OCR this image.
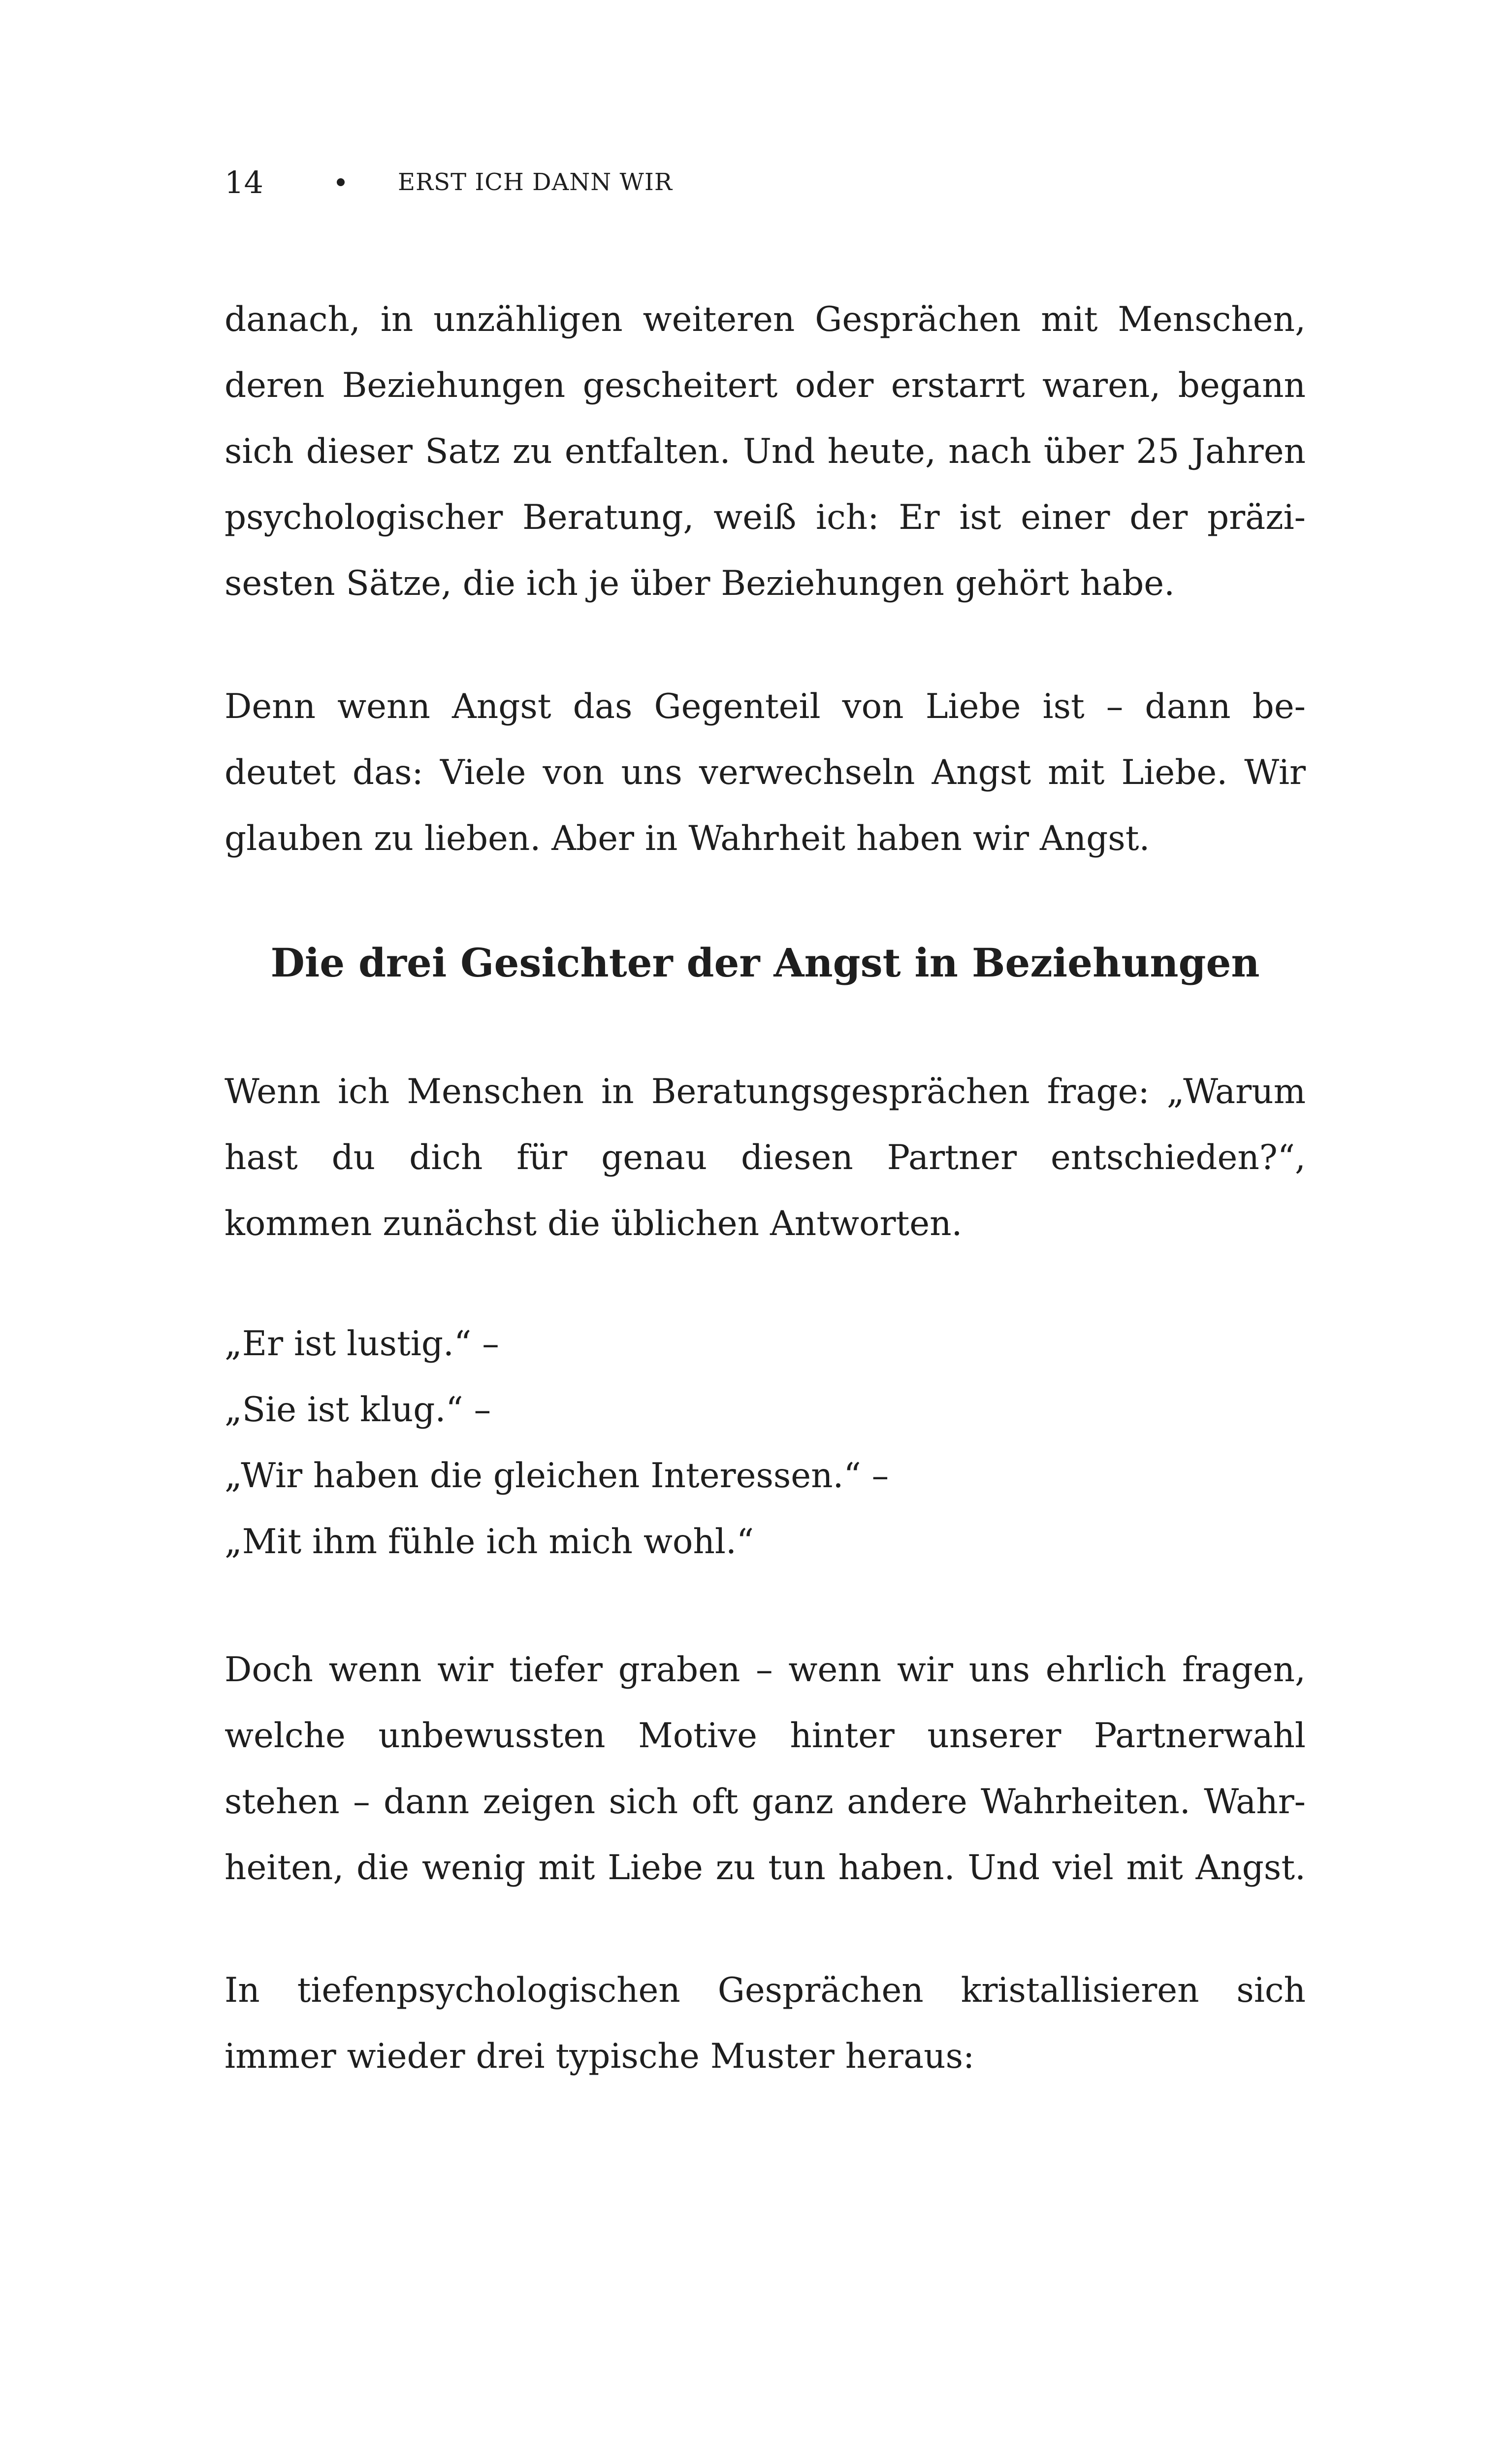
14	ERST ICH DANN WIR
danach, in unzähligen weiteren Gesprächen mit Menschen,
deren Beziehungen gescheitert oder erstarrt waren, begann
sich dieser Satz zu entfalten. Und heute, nach über 25 Jahren
psychologischer Beratung, weiß ich: Er ist einer der präzi-
sesten Sätze, die ich je über Beziehungen gehört habe.
Denn wenn Angst das Gegenteil von Liebe ist – dann be-
deutet das: Viele von uns verwechseln Angst mit Liebe. Wir
glauben zu lieben. Aber in Wahrheit haben wir Angst.
Die drei Gesichter der Angst in Beziehungen
Wenn ich Menschen in Beratungsgesprächen frage: „Warum
hast du dich für genau diesen Partner entschieden?“,
kommen zunächst die üblichen Antworten.
„Er ist lustig.“ –
„Sie ist klug.“ –
„Wir haben die gleichen Interessen.“ –
„Mit ihm fühle ich mich wohl.“
Doch wenn wir tiefer graben – wenn wir uns ehrlich fragen,
welche unbewussten Motive hinter unserer Partnerwahl
stehen – dann zeigen sich oft ganz andere Wahrheiten. Wahr-
heiten, die wenig mit Liebe zu tun haben. Und viel mit Angst.
In tiefenpsychologischen Gesprächen kristallisieren sich
immer wieder drei typische Muster heraus:
